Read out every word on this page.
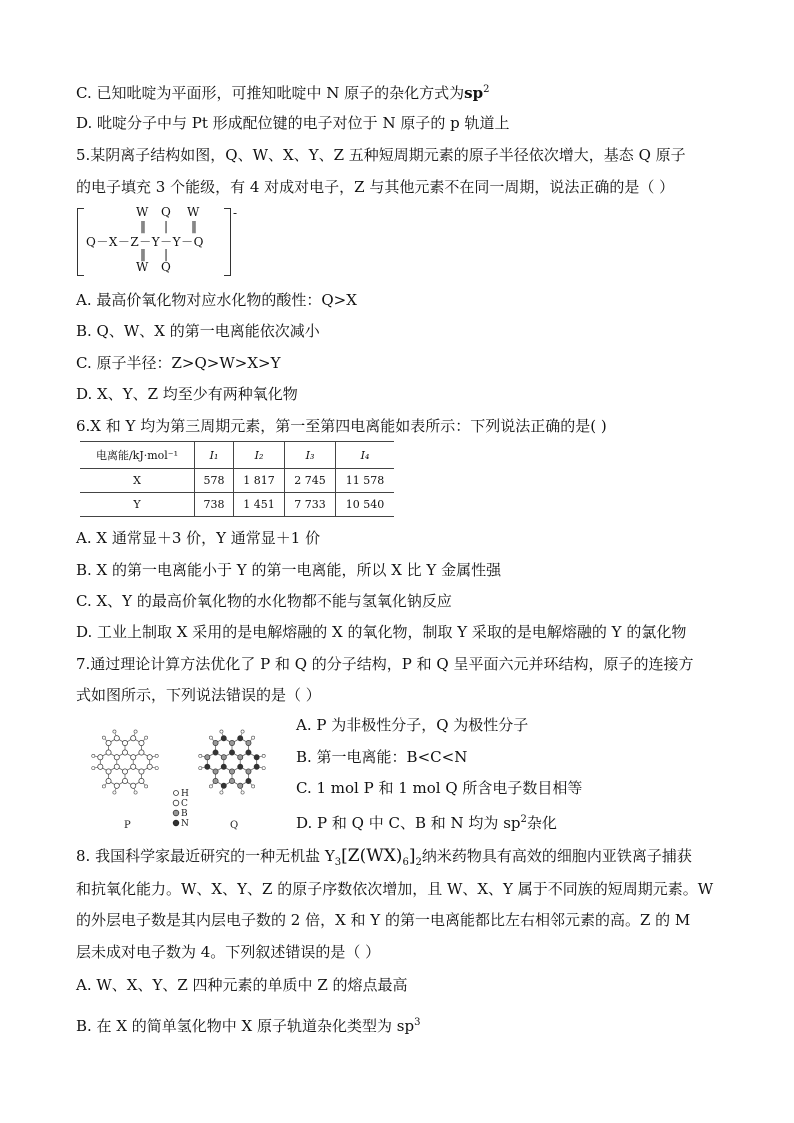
C. 已知吡啶为平面形，可推知吡啶中 N 原子的杂化方式为$sp^2$
D. 吡啶分子中与 Pt 形成配位键的电子对位于 N 原子的 p 轨道上
5.某阴离子结构如图，Q、W、X、Y、Z 五种短周期元素的原子半径依次增大，基态 Q 原子
的电子填充 3 个能级，有 4 对成对电子，Z 与其他元素不在同一周期，说法正确的是（ ）
-
W Q W
‖ | ‖
Q－X－Z－Y－Y－Q
‖ |
W Q
A. 最高价氧化物对应水化物的酸性：Q>X
B. Q、W、X 的第一电离能依次减小
C. 原子半径：Z>Q>W>X>Y
D. X、Y、Z 均至少有两种氧化物
6.X 和 Y 均为第三周期元素，第一至第四电离能如表所示：下列说法正确的是( )
电离能/kJ·mol⁻¹	I₁	I₂	I₃	I₄
X	578	1 817	2 745	11 578
Y	738	1 451	7 733	10 540
A. X 通常显＋3 价，Y 通常显＋1 价
B. X 的第一电离能小于 Y 的第一电离能，所以 X 比 Y 金属性强
C. X、Y 的最高价氧化物的水化物都不能与氢氧化钠反应
D. 工业上制取 X 采用的是电解熔融的 X 的氧化物，制取 Y 采取的是电解熔融的 Y 的氯化物
7.通过理论计算方法优化了 P 和 Q 的分子结构，P 和 Q 呈平面六元并环结构，原子的连接方
式如图所示，下列说法错误的是（ ）
H
C
B
N
P	Q
A. P 为非极性分子，Q 为极性分子
B. 第一电离能：B<C<N
C. 1 mol P 和 1 mol Q 所含电子数目相等
D. P 和 Q 中 C、B 和 N 均为 $sp^2$杂化
8. 我国科学家最近研究的一种无机盐 $Y_3[Z(WX)_6]_2$纳米药物具有高效的细胞内亚铁离子捕获
和抗氧化能力。W、X、Y、Z 的原子序数依次增加，且 W、X、Y 属于不同族的短周期元素。W
的外层电子数是其内层电子数的 2 倍，X 和 Y 的第一电离能都比左右相邻元素的高。Z 的 M
层未成对电子数为 4。下列叙述错误的是（ ）
A. W、X、Y、Z 四种元素的单质中 Z 的熔点最高
B. 在 X 的简单氢化物中 X 原子轨道杂化类型为 $sp^3$
